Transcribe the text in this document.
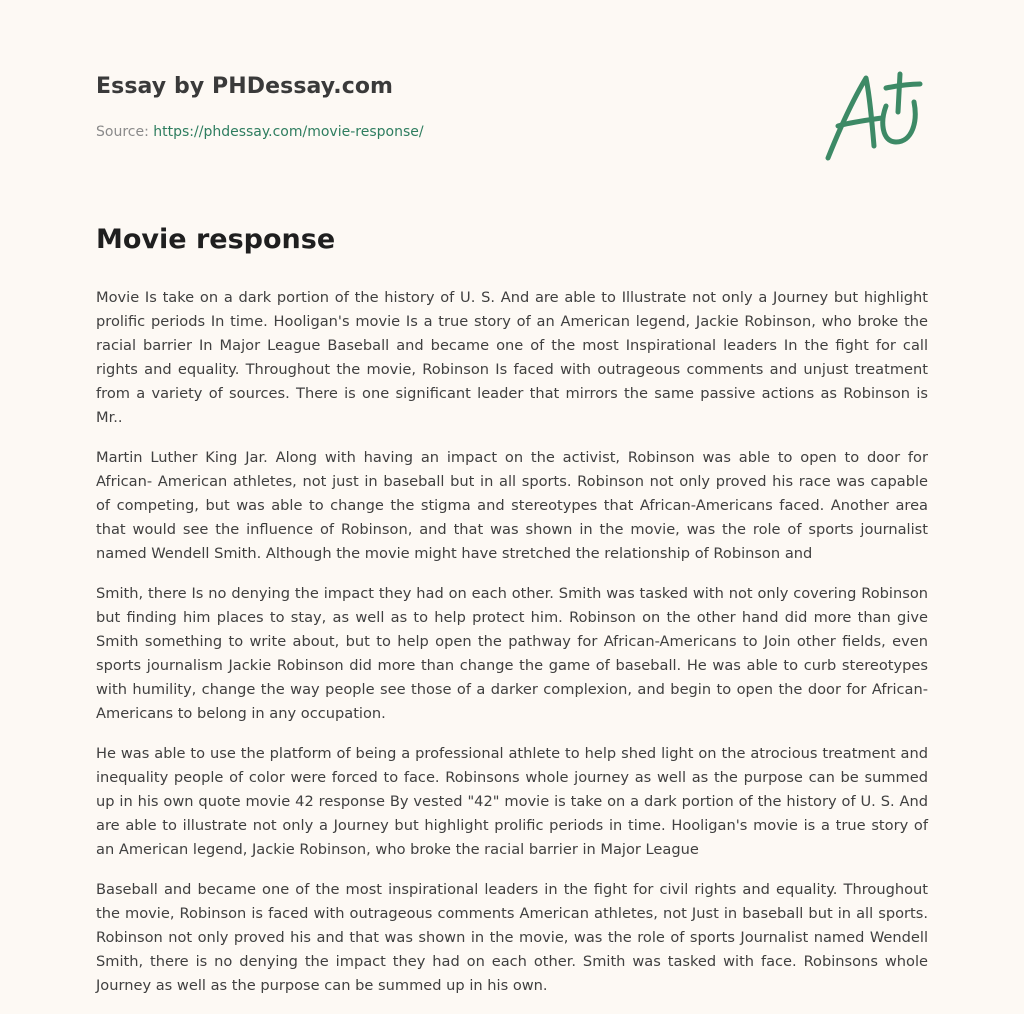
Essay by PHDessay.com
Source: https://phdessay.com/movie-response/
Movie response

Movie Is take on a dark portion of the history of U. S. And are able to Illustrate not only a Journey but highlight prolific periods In time. Hooligan's movie Is a true story of an American legend, Jackie Robinson, who broke the racial barrier In Major League Baseball and became one of the most Inspirational leaders In the fight for call rights and equality. Throughout the movie, Robinson Is faced with outrageous comments and unjust treatment from a variety of sources. There is one significant leader that mirrors the same passive actions as Robinson is Mr..

Martin Luther King Jar. Along with having an impact on the activist, Robinson was able to open to door for African- American athletes, not just in baseball but in all sports. Robinson not only proved his race was capable of competing, but was able to change the stigma and stereotypes that African-Americans faced. Another area that would see the influence of Robinson, and that was shown in the movie, was the role of sports journalist named Wendell Smith. Although the movie might have stretched the relationship of Robinson and

Smith, there Is no denying the impact they had on each other. Smith was tasked with not only covering Robinson but finding him places to stay, as well as to help protect him. Robinson on the other hand did more than give Smith something to write about, but to help open the pathway for African-Americans to Join other fields, even sports journalism Jackie Robinson did more than change the game of baseball. He was able to curb stereotypes with humility, change the way people see those of a darker complexion, and begin to open the door for African-Americans to belong in any occupation.

He was able to use the platform of being a professional athlete to help shed light on the atrocious treatment and inequality people of color were forced to face. Robinsons whole journey as well as the purpose can be summed up in his own quote movie 42 response By vested "42" movie is take on a dark portion of the history of U. S. And are able to illustrate not only a Journey but highlight prolific periods in time. Hooligan's movie is a true story of an American legend, Jackie Robinson, who broke the racial barrier in Major League

Baseball and became one of the most inspirational leaders in the fight for civil rights and equality. Throughout the movie, Robinson is faced with outrageous comments American athletes, not Just in baseball but in all sports. Robinson not only proved his and that was shown in the movie, was the role of sports Journalist named Wendell Smith, there is no denying the impact they had on each other. Smith was tasked with face. Robinsons whole Journey as well as the purpose can be summed up in his own.
